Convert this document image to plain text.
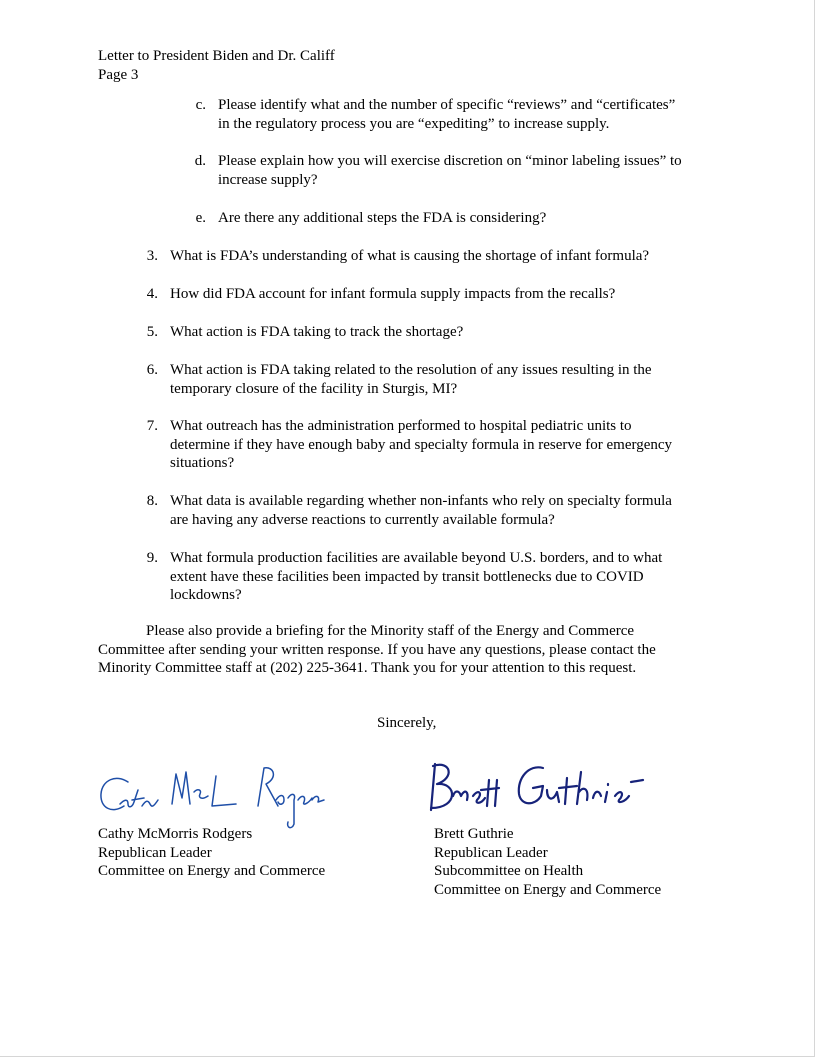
Letter to President Biden and Dr. Califf
Page 3
c. Please identify what and the number of specific “reviews” and “certificates”
in the regulatory process you are “expediting” to increase supply.
d. Please explain how you will exercise discretion on “minor labeling issues” to
increase supply?
e. Are there any additional steps the FDA is considering?
3. What is FDA’s understanding of what is causing the shortage of infant formula?
4. How did FDA account for infant formula supply impacts from the recalls?
5. What action is FDA taking to track the shortage?
6. What action is FDA taking related to the resolution of any issues resulting in the
temporary closure of the facility in Sturgis, MI?
7. What outreach has the administration performed to hospital pediatric units to
determine if they have enough baby and specialty formula in reserve for emergency
situations?
8. What data is available regarding whether non-infants who rely on specialty formula
are having any adverse reactions to currently available formula?
9. What formula production facilities are available beyond U.S. borders, and to what
extent have these facilities been impacted by transit bottlenecks due to COVID
lockdowns?
Please also provide a briefing for the Minority staff of the Energy and Commerce
Committee after sending your written response. If you have any questions, please contact the
Minority Committee staff at (202) 225-3641. Thank you for your attention to this request.
Sincerely,
Cathy McMorris Rodgers
Republican Leader
Committee on Energy and Commerce
Brett Guthrie
Republican Leader
Subcommittee on Health
Committee on Energy and Commerce
